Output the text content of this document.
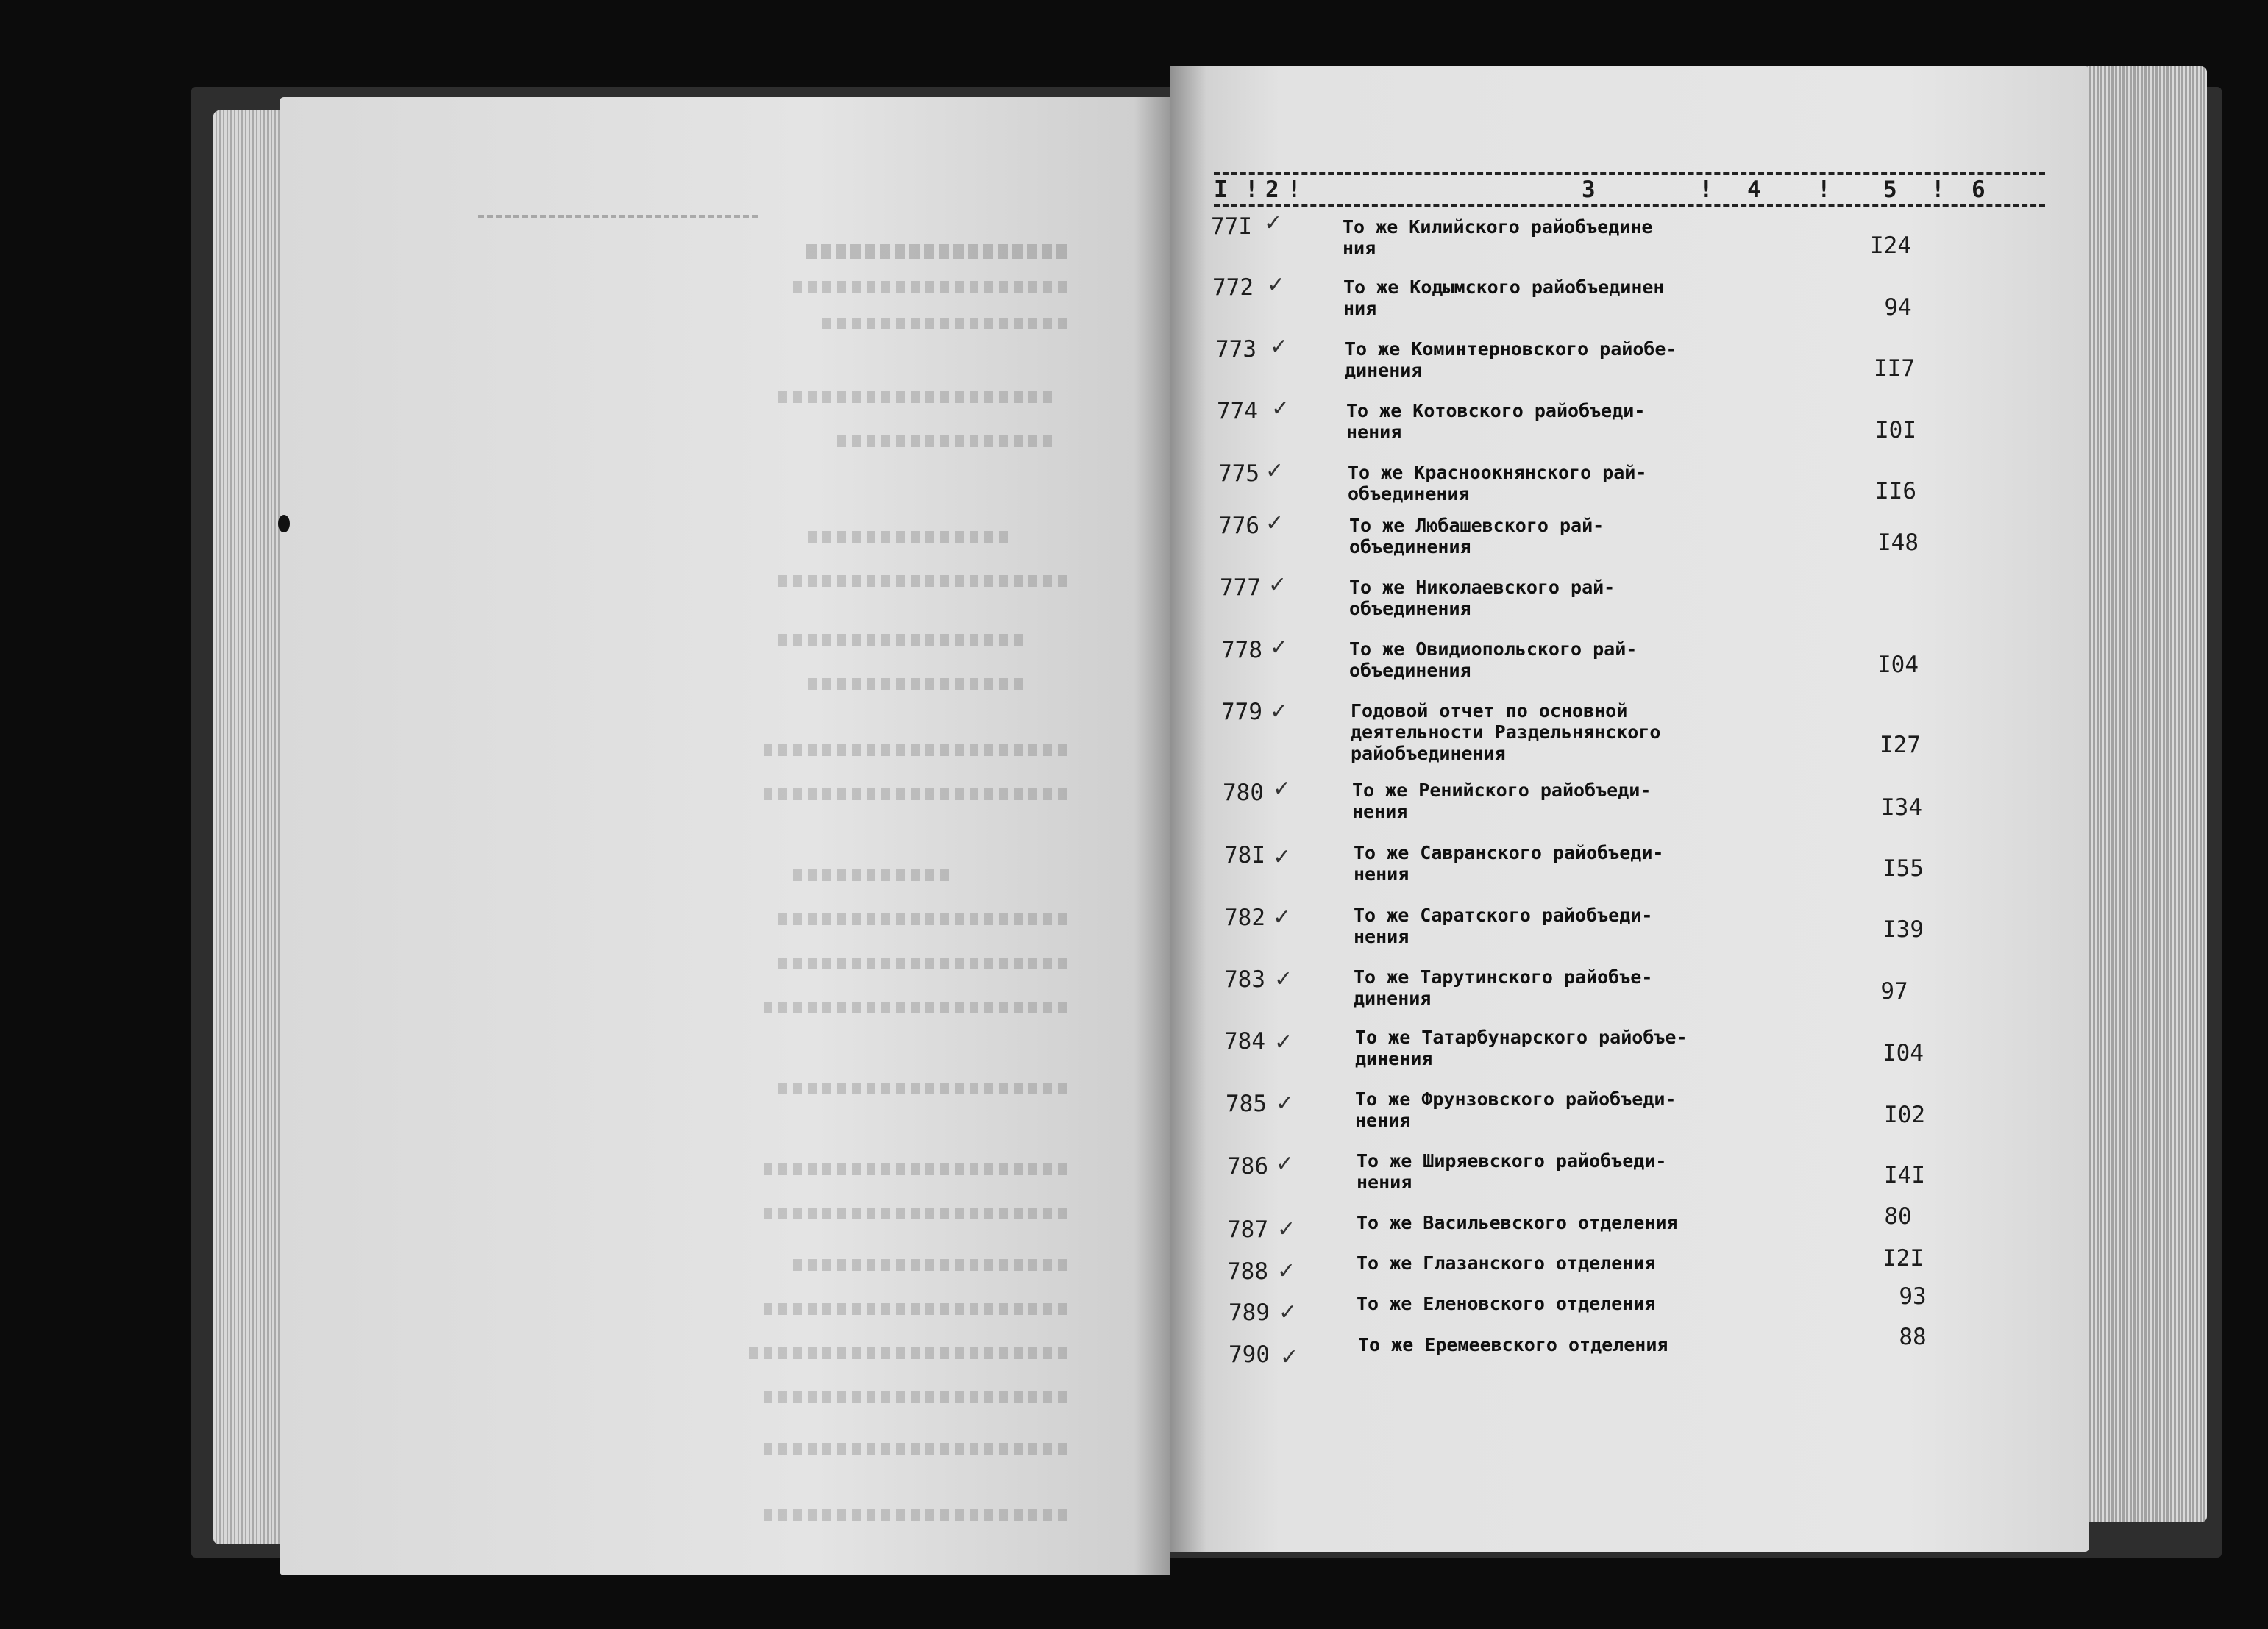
I ! 2 !	3	! 4 ! 5 ! 6
77I ✓	То же Килийского райобъедине
ния	I24
772 ✓	То же Кодымского райобъединен
ния	94
773 ✓	То же Коминтерновского райобе-
динения	II7
774 ✓	То же Котовского райобъеди-
нения	I0I
775 ✓	То же Красноокнянского рай-
объединения	II6
776 ✓	То же Любашевского рай-
объединения	I48
777 ✓	То же Николаевского рай-
объединения
778 ✓	То же Овидиопольского рай-
объединения	I04
779 ✓	Годовой отчет по основной
деятельности Раздельнянского
райобъединения	I27
780 ✓	То же Ренийского райобъеди-
нения	I34
78I ✓	То же Савранского райобъеди-
нения	I55
782 ✓	То же Саратского райобъеди-
нения	I39
783 ✓	То же Тарутинского райобъе-
динения	97
784 ✓	То же Татарбунарского райобъе-
динения	I04
785 ✓	То же Фрунзовского райобъеди-
нения	I02
786 ✓	То же Ширяевского райобъеди-
нения	I4I
787 ✓	То же Васильевского отделения	80
788 ✓	То же Глазанского отделения	I2I
789 ✓	То же Еленовского отделения	93
790 ✓	То же Еремеевского отделения	88
